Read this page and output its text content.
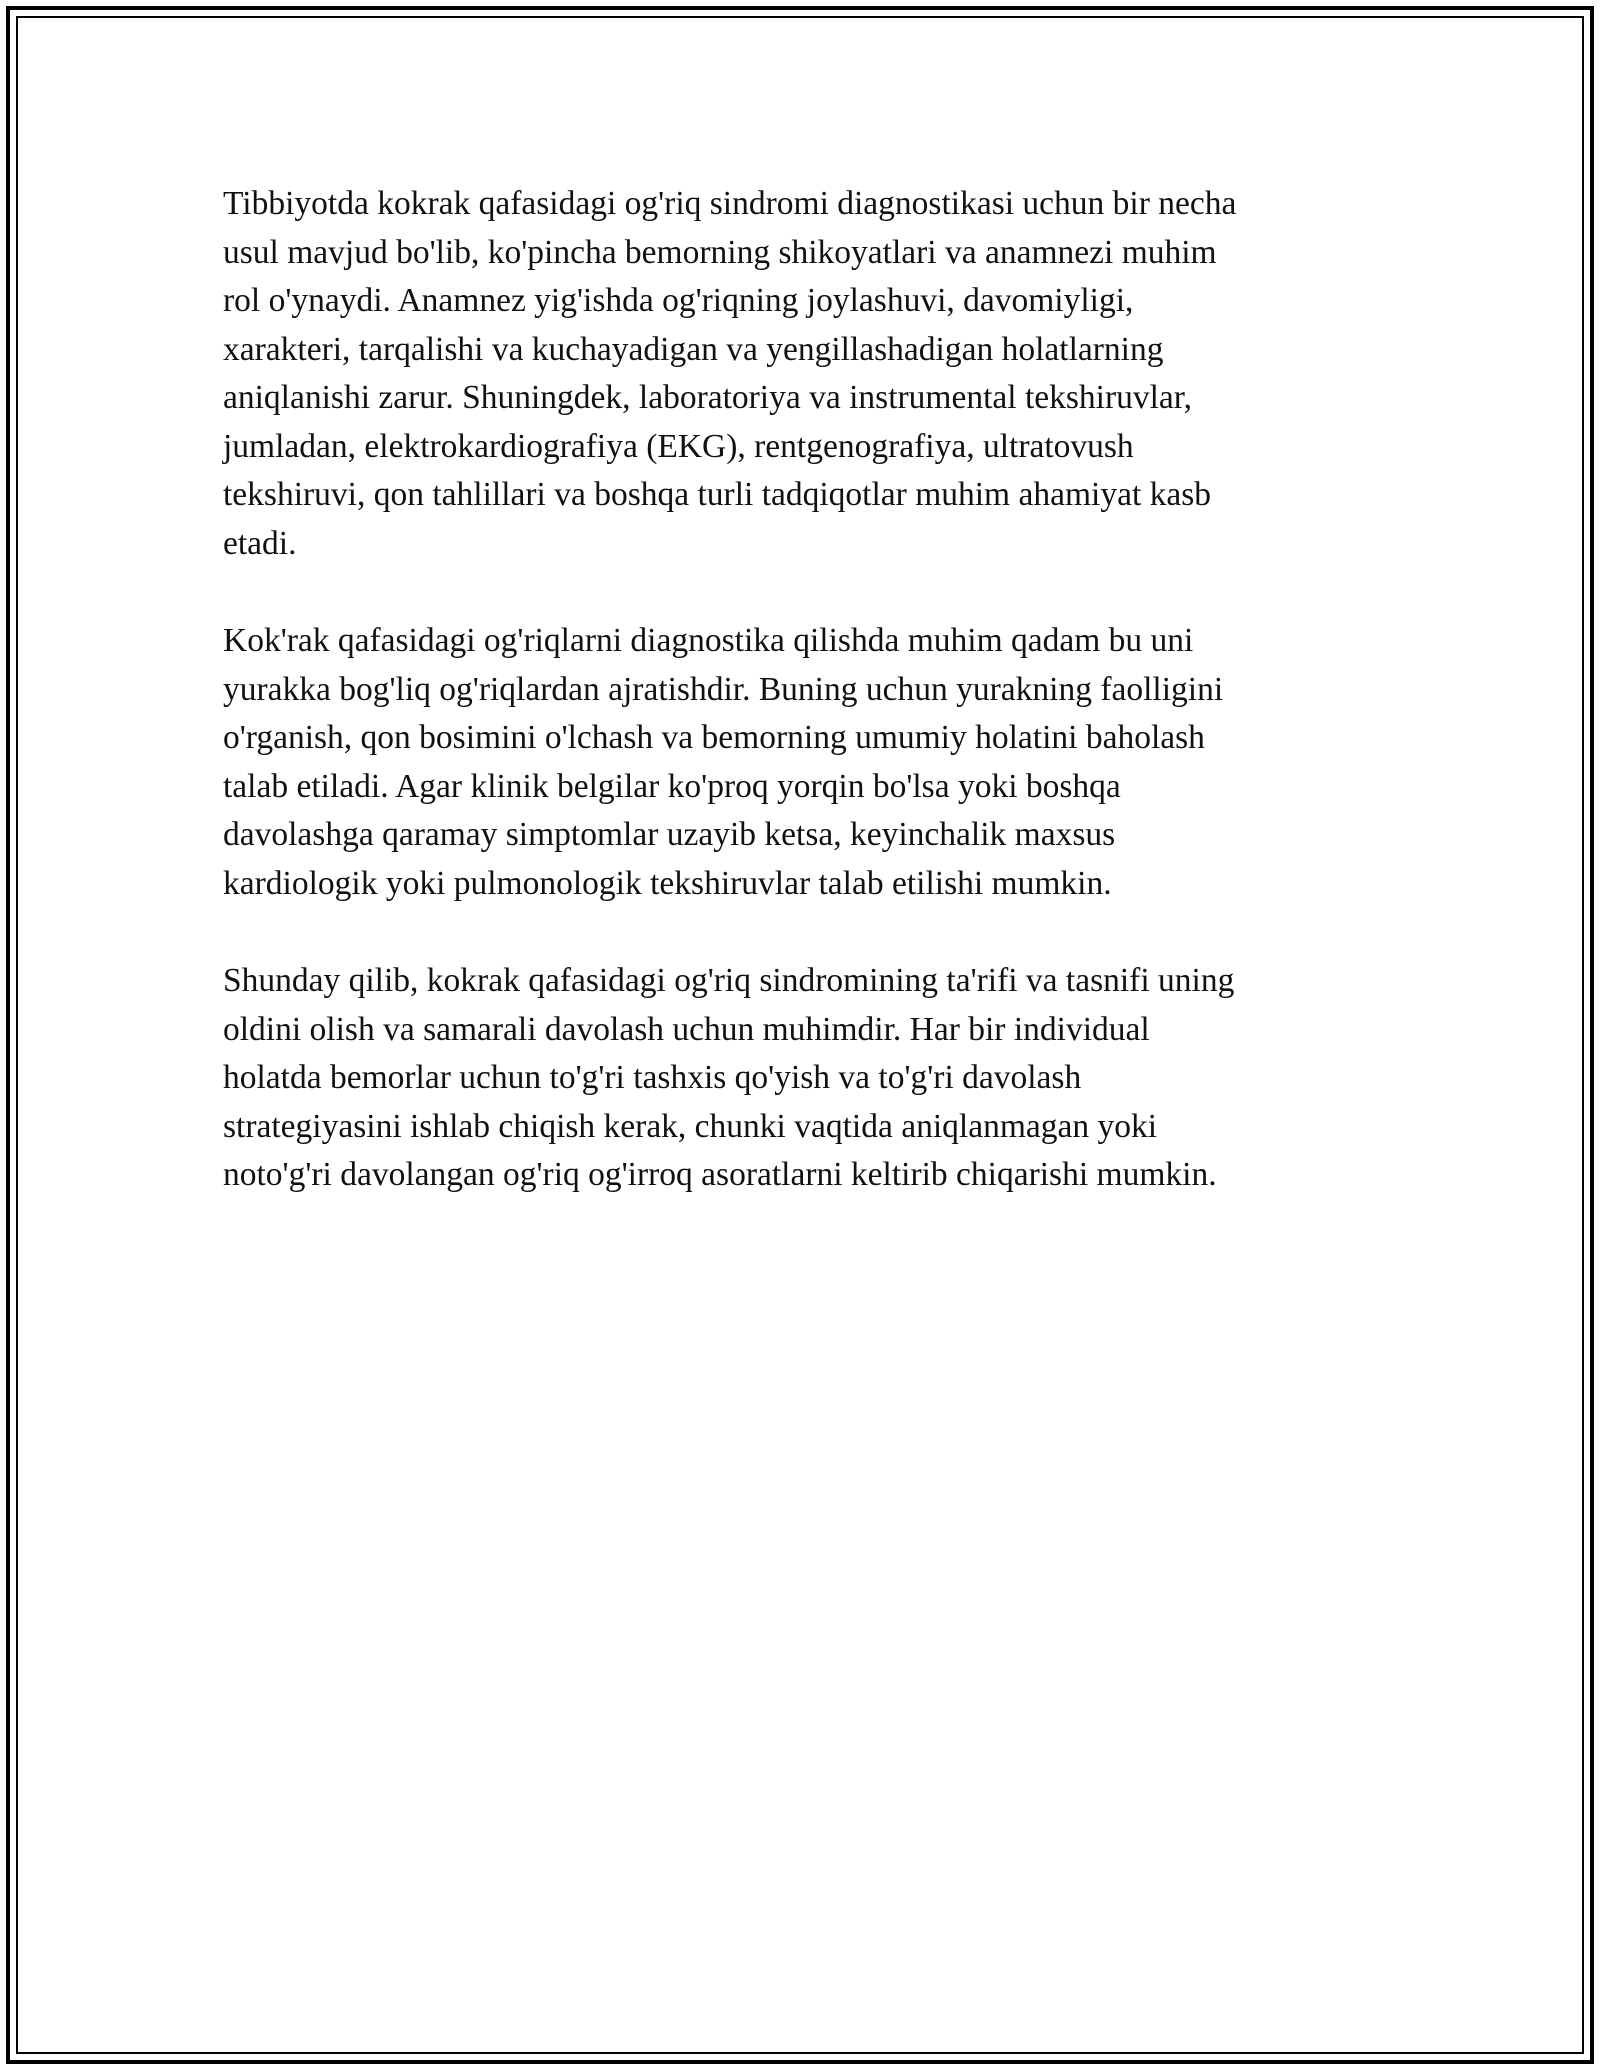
Tibbiyotda kokrak qafasidagi og'riq sindromi diagnostikasi uchun bir necha
usul mavjud bo'lib, ko'pincha bemorning shikoyatlari va anamnezi muhim
rol o'ynaydi. Anamnez yig'ishda og'riqning joylashuvi, davomiyligi,
xarakteri, tarqalishi va kuchayadigan va yengillashadigan holatlarning
aniqlanishi zarur. Shuningdek, laboratoriya va instrumental tekshiruvlar,
jumladan, elektrokardiografiya (EKG), rentgenografiya, ultratovush
tekshiruvi, qon tahlillari va boshqa turli tadqiqotlar muhim ahamiyat kasb
etadi.

Kok'rak qafasidagi og'riqlarni diagnostika qilishda muhim qadam bu uni
yurakka bog'liq og'riqlardan ajratishdir. Buning uchun yurakning faolligini
o'rganish, qon bosimini o'lchash va bemorning umumiy holatini baholash
talab etiladi. Agar klinik belgilar ko'proq yorqin bo'lsa yoki boshqa
davolashga qaramay simptomlar uzayib ketsa, keyinchalik maxsus
kardiologik yoki pulmonologik tekshiruvlar talab etilishi mumkin.

Shunday qilib, kokrak qafasidagi og'riq sindromining ta'rifi va tasnifi uning
oldini olish va samarali davolash uchun muhimdir. Har bir individual
holatda bemorlar uchun to'g'ri tashxis qo'yish va to'g'ri davolash
strategiyasini ishlab chiqish kerak, chunki vaqtida aniqlanmagan yoki
noto'g'ri davolangan og'riq og'irroq asoratlarni keltirib chiqarishi mumkin.
